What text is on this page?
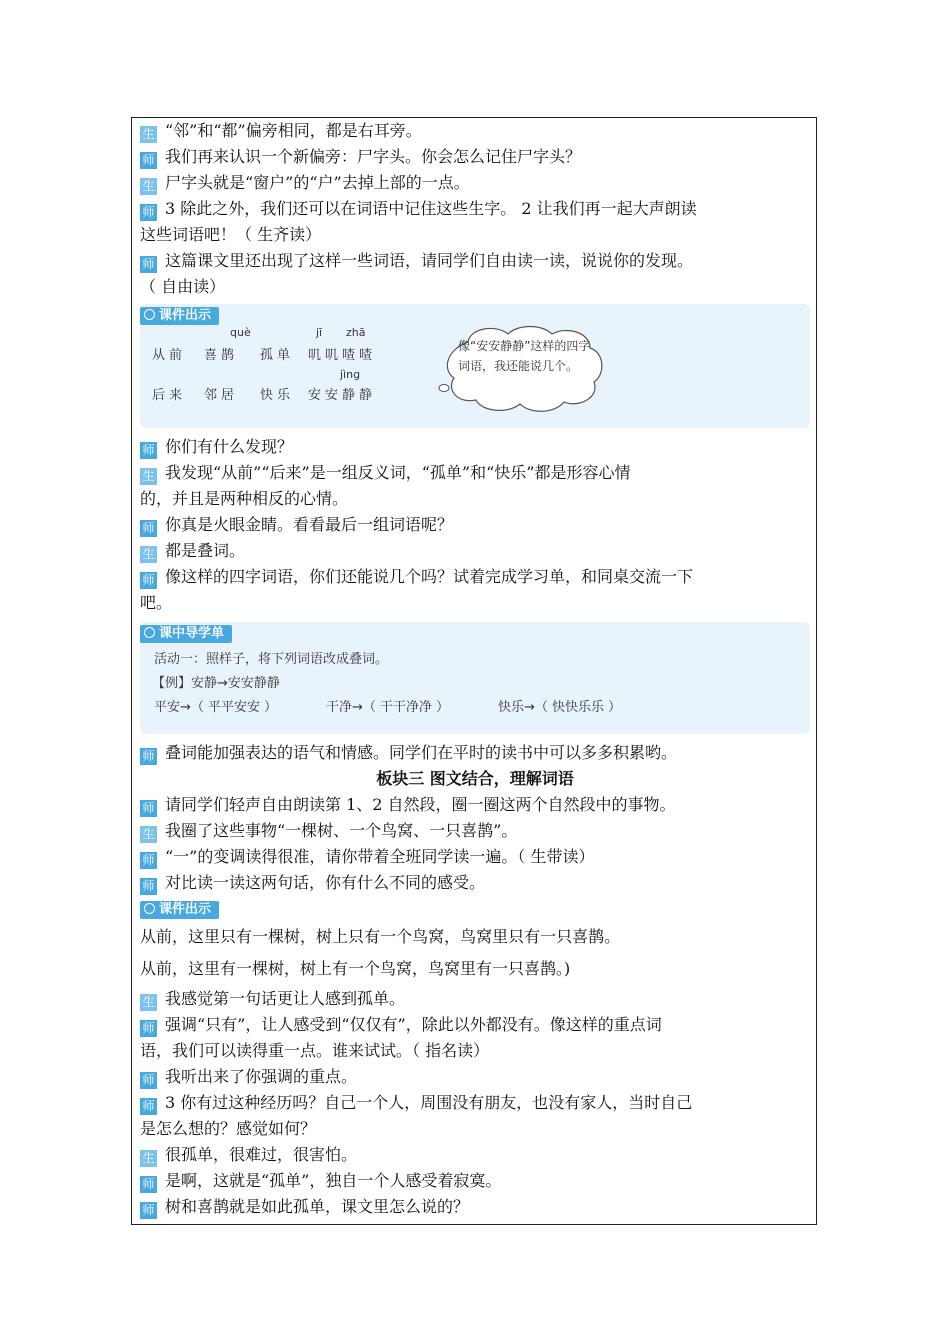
生 “邻”和“都”偏旁相同，都是右耳旁。
师 我们再来认识一个新偏旁：尸字头。你会怎么记住尸字头？
生 尸字头就是“窗户”的“户”去掉上部的一点。
师 3 除此之外，我们还可以在词语中记住这些生字。 2 让我们再一起大声朗读
这些词语吧！（ 生齐读）
师 这篇课文里还出现了这样一些词语，请同学们自由读一读，说说你的发现。
（ 自由读）
课件出示
què	jī zhā
从前 喜鹊 孤单 叽叽喳喳
jìng
后来 邻居 快乐 安安静静
像“安安静静”这样的四字词语，我还能说几个。
师 你们有什么发现？
生 我发现“从前”“后来”是一组反义词，“孤单”和“快乐”都是形容心情
的，并且是两种相反的心情。
师 你真是火眼金睛。看看最后一组词语呢？
生 都是叠词。
师 像这样的四字词语，你们还能说几个吗？试着完成学习单，和同桌交流一下
吧。
课中导学单
活动一：照样子，将下列词语改成叠词。
【例】安静→安安静静
平安→（ 平平安安 ）	干净→（ 干干净净 ）	快乐→（ 快快乐乐 ）
师 叠词能加强表达的语气和情感。同学们在平时的读书中可以多多积累哟。
板块三 图文结合，理解词语
师 请同学们轻声自由朗读第 1、2 自然段，圈一圈这两个自然段中的事物。
生 我圈了这些事物“一棵树、一个鸟窝、一只喜鹊”。
师 “一”的变调读得很准，请你带着全班同学读一遍。（ 生带读）
师 对比读一读这两句话，你有什么不同的感受。
课件出示
从前，这里只有一棵树，树上只有一个鸟窝，鸟窝里只有一只喜鹊。
从前，这里有一棵树，树上有一个鸟窝，鸟窝里有一只喜鹊。)
生 我感觉第一句话更让人感到孤单。
师 强调“只有”，让人感受到“仅仅有”，除此以外都没有。像这样的重点词
语，我们可以读得重一点。谁来试试。（ 指名读）
师 我听出来了你强调的重点。
师 3 你有过这种经历吗？自己一个人，周围没有朋友，也没有家人，当时自己
是怎么想的？感觉如何？
生 很孤单，很难过，很害怕。
师 是啊，这就是“孤单”，独自一个人感受着寂寞。
师 树和喜鹊就是如此孤单，课文里怎么说的？
